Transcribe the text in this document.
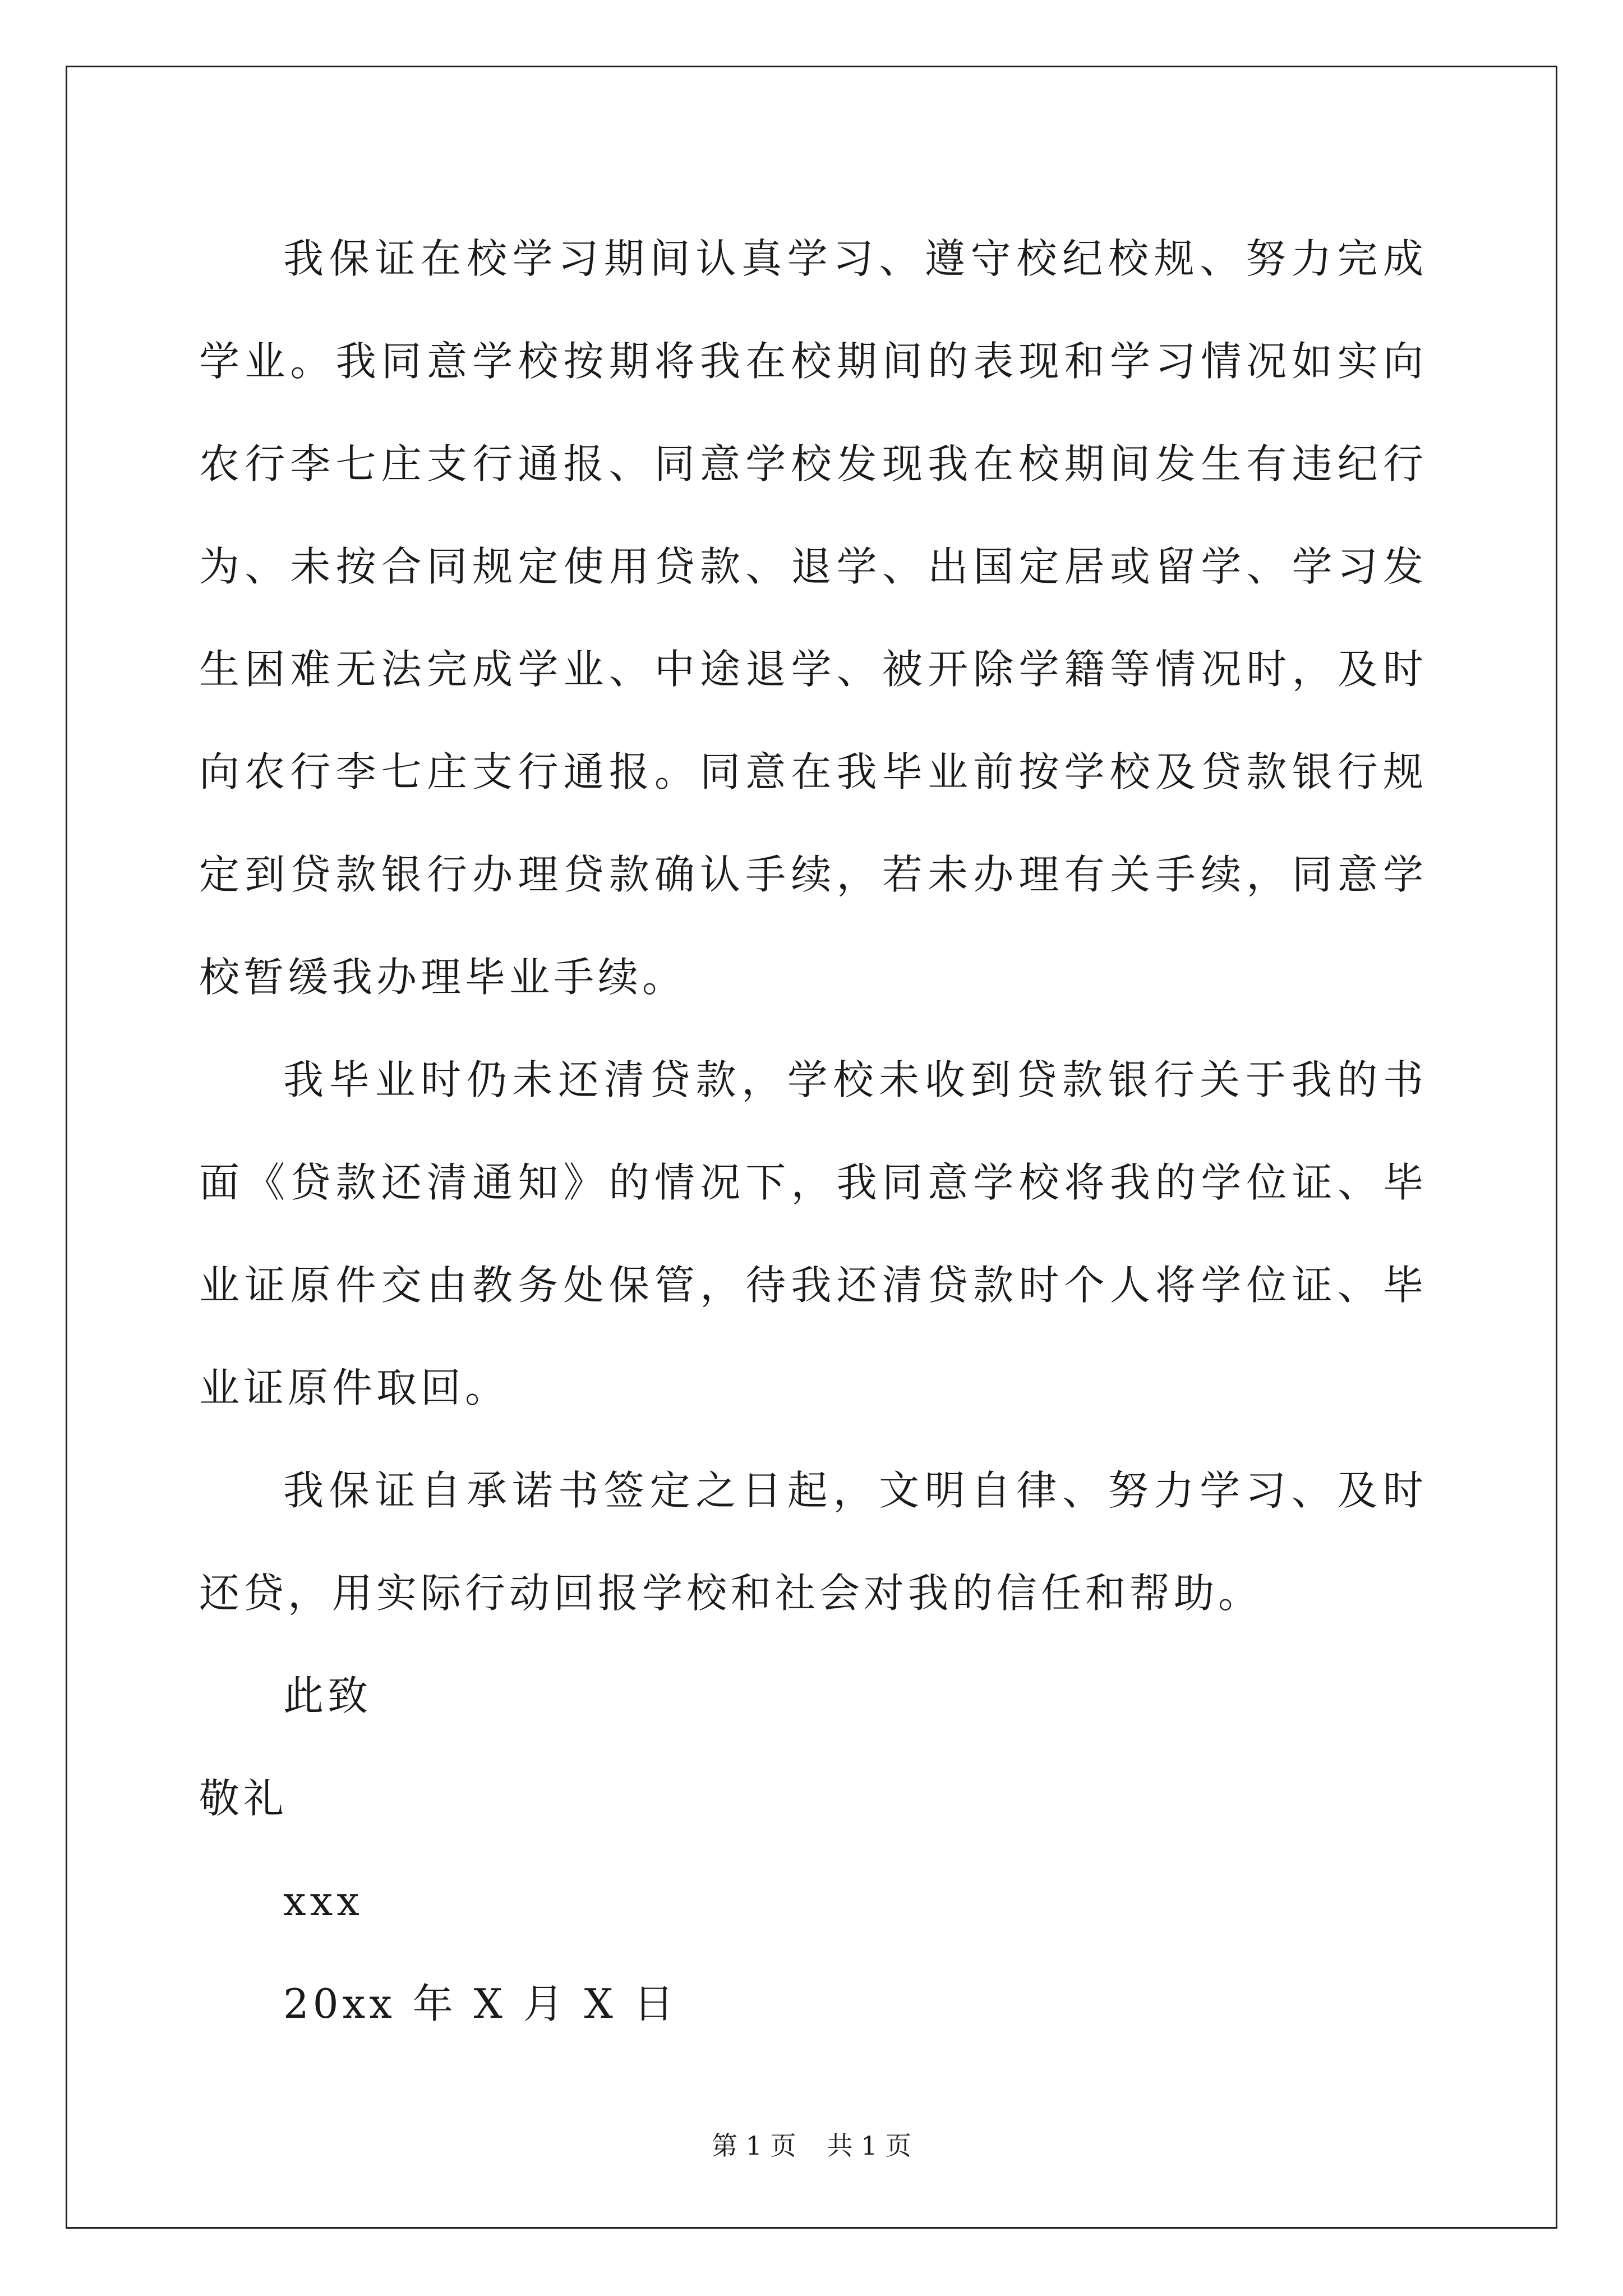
我保证在校学习期间认真学习、遵守校纪校规、努力完成学业。我同意学校按期将我在校期间的表现和学习情况如实向农行李七庄支行通报、同意学校发现我在校期间发生有违纪行为、未按合同规定使用贷款、退学、出国定居或留学、学习发生困难无法完成学业、中途退学、被开除学籍等情况时，及时向农行李七庄支行通报。同意在我毕业前按学校及贷款银行规定到贷款银行办理贷款确认手续，若未办理有关手续，同意学校暂缓我办理毕业手续。

我毕业时仍未还清贷款，学校未收到贷款银行关于我的书面《贷款还清通知》的情况下，我同意学校将我的学位证、毕业证原件交由教务处保管，待我还清贷款时个人将学位证、毕业证原件取回。

我保证自承诺书签定之日起，文明自律、努力学习、及时还贷，用实际行动回报学校和社会对我的信任和帮助。

此致

敬礼

xxx

20xx 年 X 月 X 日

第 1 页 共 1 页
